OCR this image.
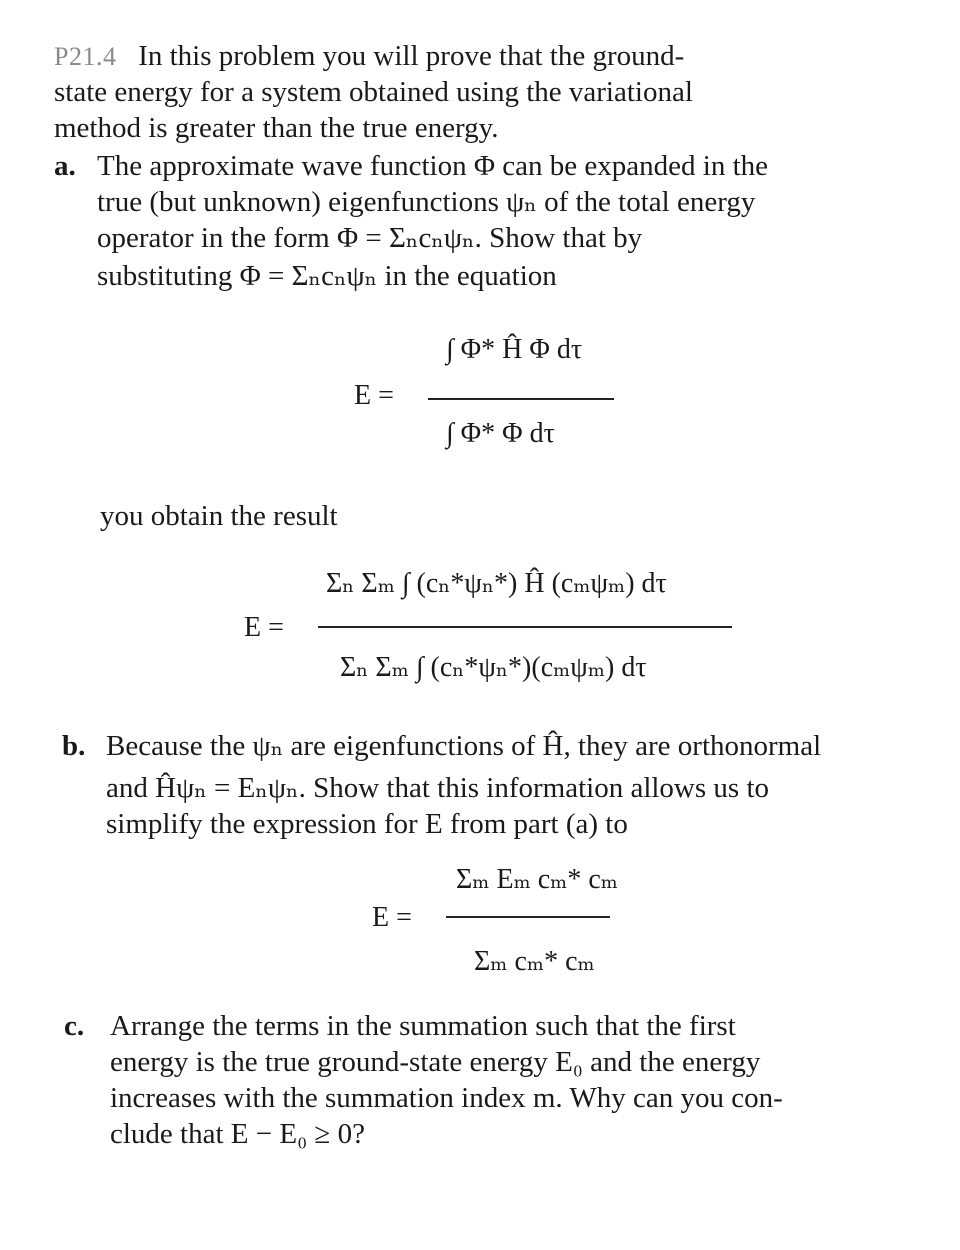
P21.4 In this problem you will prove that the ground-
state energy for a system obtained using the variational
method is greater than the true energy.
a. The approximate wave function Φ can be expanded in the
true (but unknown) eigenfunctions ψₙ of the total energy
operator in the form Φ = Σₙcₙψₙ. Show that by
substituting Φ = Σₙcₙψₙ in the equation
E =
∫ Φ* Ĥ Φ dτ
∫ Φ* Φ dτ
you obtain the result
E =
Σₙ Σₘ ∫ (cₙ*ψₙ*) Ĥ (cₘψₘ) dτ
Σₙ Σₘ ∫ (cₙ*ψₙ*)(cₘψₘ) dτ
b. Because the ψₙ are eigenfunctions of Ĥ, they are orthonormal
and Ĥψₙ = Eₙψₙ. Show that this information allows us to
simplify the expression for E from part (a) to
E =
Σₘ Eₘ cₘ* cₘ
Σₘ cₘ* cₘ
c. Arrange the terms in the summation such that the first
energy is the true ground-state energy E₀ and the energy
increases with the summation index m. Why can you con-
clude that E − E₀ ≥ 0?
